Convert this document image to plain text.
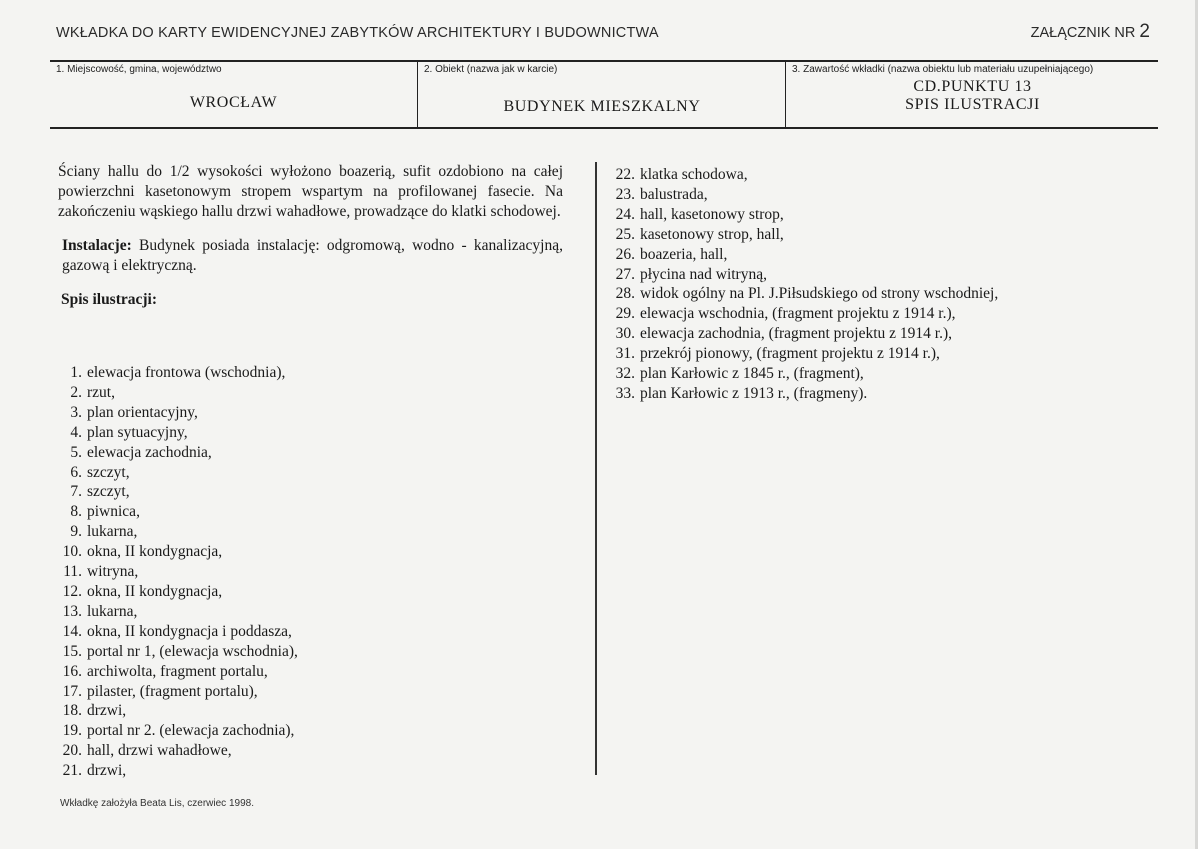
WKŁADKA DO KARTY EWIDENCYJNEJ ZABYTKÓW ARCHITEKTURY I BUDOWNICTWA	ZAŁĄCZNIK NR 2
1. Miejscowość, gmina, województwo
WROCŁAW
2. Obiekt (nazwa jak w karcie)
BUDYNEK MIESZKALNY
3. Zawartość wkładki (nazwa obiektu lub materiału uzupełniającego)
CD.PUNKTU 13
SPIS ILUSTRACJI

Ściany hallu do 1/2 wysokości wyłożono boazerią, sufit ozdobiono na całej powierzchni kasetonowym stropem wspartym na profilowanej fasecie. Na zakończeniu wąskiego hallu drzwi wahadłowe, prowadzące do klatki schodowej.

Instalacje: Budynek posiada instalację: odgromową, wodno - kanalizacyjną, gazową i elektryczną.

Spis ilustracji:

1. elewacja frontowa (wschodnia),
2. rzut,
3. plan orientacyjny,
4. plan sytuacyjny,
5. elewacja zachodnia,
6. szczyt,
7. szczyt,
8. piwnica,
9. lukarna,
10. okna, II kondygnacja,
11. witryna,
12. okna, II kondygnacja,
13. lukarna,
14. okna, II kondygnacja i poddasza,
15. portal nr 1, (elewacja wschodnia),
16. archiwolta, fragment portalu,
17. pilaster, (fragment portalu),
18. drzwi,
19. portal nr 2. (elewacja zachodnia),
20. hall, drzwi wahadłowe,
21. drzwi,
22. klatka schodowa,
23. balustrada,
24. hall, kasetonowy strop,
25. kasetonowy strop, hall,
26. boazeria, hall,
27. płycina nad witryną,
28. widok ogólny na Pl. J.Piłsudskiego od strony wschodniej,
29. elewacja wschodnia, (fragment projektu z 1914 r.),
30. elewacja zachodnia, (fragment projektu z 1914 r.),
31. przekrój pionowy, (fragment projektu z 1914 r.),
32. plan Karłowic z 1845 r., (fragment),
33. plan Karłowic z 1913 r., (fragmeny).
Wkładkę założyła Beata Lis, czerwiec 1998.
